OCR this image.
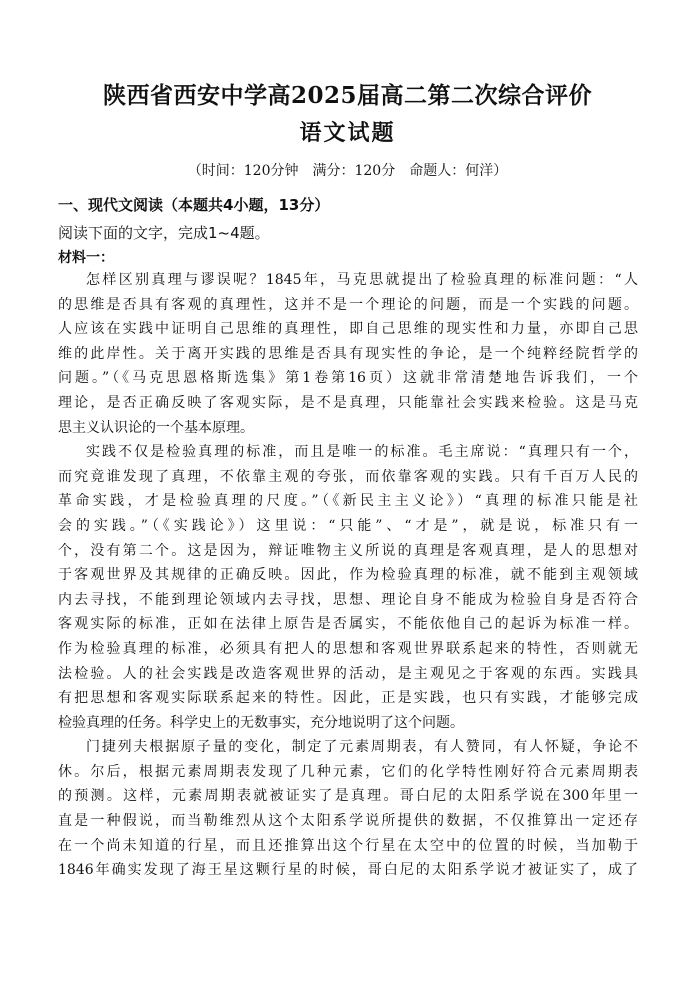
陕西省西安中学高2025届高二第二次综合评价
语文试题
（时间：120分钟　满分：120分　命题人：何洋）
一、现代文阅读（本题共4小题，13分）
阅读下面的文字，完成1~4题。
材料一：
怎样区别真理与谬误呢？1845年，马克思就提出了检验真理的标准问题：“人
的思维是否具有客观的真理性，这并不是一个理论的问题，而是一个实践的问题。
人应该在实践中证明自己思维的真理性，即自己思维的现实性和力量，亦即自己思
维的此岸性。关于离开实践的思维是否具有现实性的争论，是一个纯粹经院哲学的
问题。”（《马克思恩格斯选集》第1卷第16页）这就非常清楚地告诉我们，一个
理论，是否正确反映了客观实际，是不是真理，只能靠社会实践来检验。这是马克
思主义认识论的一个基本原理。
实践不仅是检验真理的标准，而且是唯一的标准。毛主席说：“真理只有一个，
而究竟谁发现了真理，不依靠主观的夸张，而依靠客观的实践。只有千百万人民的
革命实践，才是检验真理的尺度。”（《新民主主义论》）“真理的标准只能是社
会的实践。”（《实践论》）这里说：“只能”、“才是”，就是说，标准只有一
个，没有第二个。这是因为，辩证唯物主义所说的真理是客观真理，是人的思想对
于客观世界及其规律的正确反映。因此，作为检验真理的标准，就不能到主观领域
内去寻找，不能到理论领域内去寻找，思想、理论自身不能成为检验自身是否符合
客观实际的标准，正如在法律上原告是否属实，不能依他自己的起诉为标准一样。
作为检验真理的标准，必须具有把人的思想和客观世界联系起来的特性，否则就无
法检验。人的社会实践是改造客观世界的活动，是主观见之于客观的东西。实践具
有把思想和客观实际联系起来的特性。因此，正是实践，也只有实践，才能够完成
检验真理的任务。科学史上的无数事实，充分地说明了这个问题。
门捷列夫根据原子量的变化，制定了元素周期表，有人赞同，有人怀疑，争论不
休。尔后，根据元素周期表发现了几种元素，它们的化学特性刚好符合元素周期表
的预测。这样，元素周期表就被证实了是真理。哥白尼的太阳系学说在300年里一
直是一种假说，而当勒维烈从这个太阳系学说所提供的数据，不仅推算出一定还存
在一个尚未知道的行星，而且还推算出这个行星在太空中的位置的时候，当加勒于
1846年确实发现了海王星这颗行星的时候，哥白尼的太阳系学说才被证实了，成了
